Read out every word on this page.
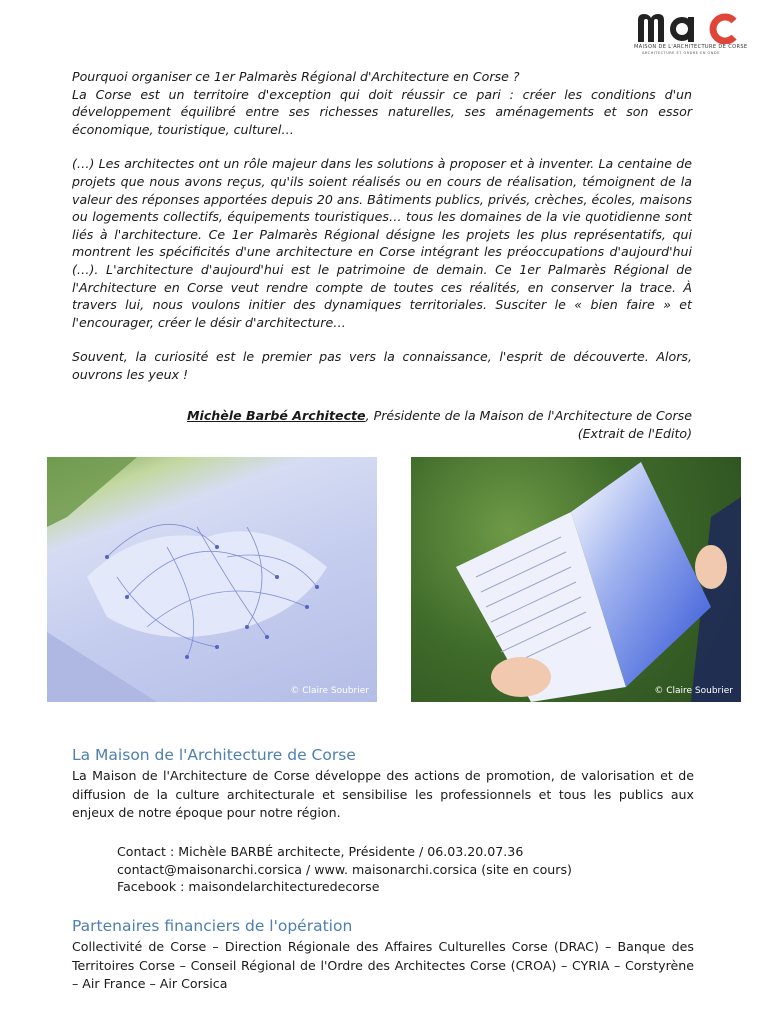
MAISON DE L'ARCHITECTURE DE CORSE
ARCHITECTURE ET ORDRE EN ONDE

Pourquoi organiser ce 1er Palmarès Régional d'Architecture en Corse ?

La Corse est un territoire d'exception qui doit réussir ce pari : créer les conditions d'un développement équilibré entre ses richesses naturelles, ses aménagements et son essor économique, touristique, culturel…

(…) Les architectes ont un rôle majeur dans les solutions à proposer et à inventer. La centaine de projets que nous avons reçus, qu'ils soient réalisés ou en cours de réalisation, témoignent de la valeur des réponses apportées depuis 20 ans. Bâtiments publics, privés, crèches, écoles, maisons ou logements collectifs, équipements touristiques… tous les domaines de la vie quotidienne sont liés à l'architecture. Ce 1er Palmarès Régional désigne les projets les plus représentatifs, qui montrent les spécificités d'une architecture en Corse intégrant les préoccupations d'aujourd'hui (…). L'architecture d'aujourd'hui est le patrimoine de demain. Ce 1er Palmarès Régional de l'Architecture en Corse veut rendre compte de toutes ces réalités, en conserver la trace. À travers lui, nous voulons initier des dynamiques territoriales. Susciter le « bien faire » et l'encourager, créer le désir d'architecture…

Souvent, la curiosité est le premier pas vers la connaissance, l'esprit de découverte. Alors, ouvrons les yeux !

Michèle Barbé Architecte, Présidente de la Maison de l'Architecture de Corse
(Extrait de l'Edito)
© Claire Soubrier	© Claire Soubrier
La Maison de l'Architecture de Corse
La Maison de l'Architecture de Corse développe des actions de promotion, de valorisation et de diffusion de la culture architecturale et sensibilise les professionnels et tous les publics aux enjeux de notre époque pour notre région.
Contact : Michèle BARBÉ architecte, Présidente / 06.03.20.07.36
contact@maisonarchi.corsica / www. maisonarchi.corsica (site en cours)
Facebook : maisondelarchitecturedecorse
Partenaires financiers de l'opération
Collectivité de Corse – Direction Régionale des Affaires Culturelles Corse (DRAC) – Banque des Territoires Corse – Conseil Régional de l'Ordre des Architectes Corse (CROA) – CYRIA – Corstyrène – Air France – Air Corsica
